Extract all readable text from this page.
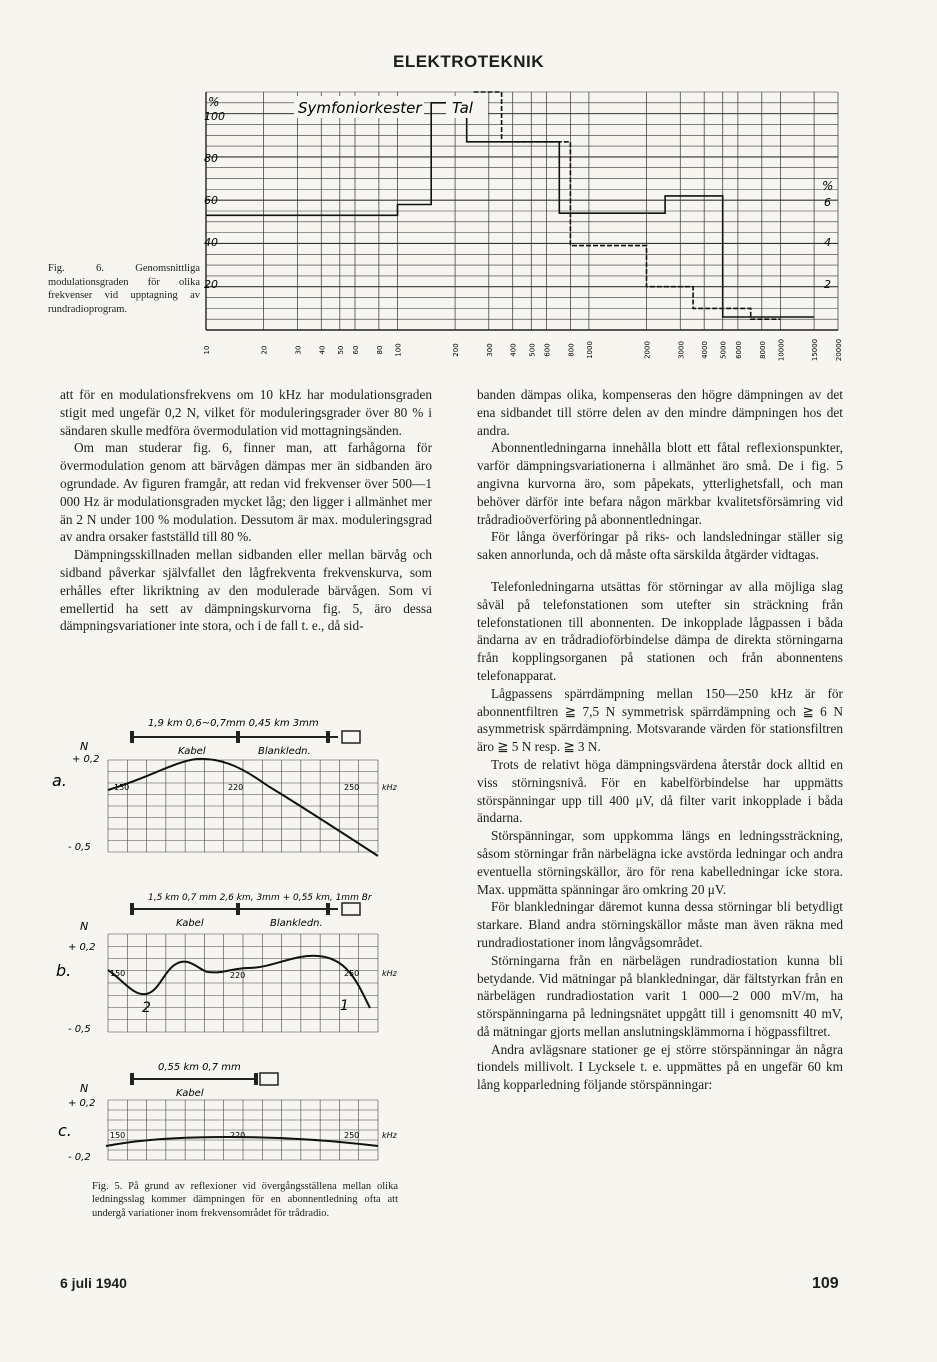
ELEKTROTEKNIK
10	20	30 40 50 60 80 100	200	300 400 500 600 800 1000	2000	3000 4000 5000 6000 8000 10000	15000 20000
%
100
80
60
40
20
%
6
4
2
Symfoniorkester Tal
Fig. 6. Genomsnittliga modulationsgraden för olika frekvenser vid upptagning av rundradioprogram.

att för en modulationsfrekvens om 10 kHz har modulationsgraden stigit med ungefär 0,2 N, vilket för moduleringsgrader över 80 % i sändaren skulle medföra övermodulation vid mottagningsänden.

Om man studerar fig. 6, finner man, att farhågorna för övermodulation genom att bärvågen dämpas mer än sidbanden äro ogrundade. Av figuren framgår, att redan vid frekvenser över 500—1 000 Hz är modulationsgraden mycket låg; den ligger i allmänhet mer än 2 N under 100 % modulation. Dessutom är max. moduleringsgrad av andra orsaker fastställd till 80 %.

Dämpningsskillnaden mellan sidbanden eller mellan bärvåg och sidband påverkar självfallet den lågfrekventa frekvenskurva, som erhålles efter likriktning av den modulerade bärvågen. Som vi emellertid ha sett av dämpningskurvorna fig. 5, äro dessa dämpningsvariationer inte stora, och i de fall t. e., då sid-

banden dämpas olika, kompenseras den högre dämpningen av det ena sidbandet till större delen av den mindre dämpningen hos det andra.

Abonnentledningarna innehålla blott ett fåtal reflexionspunkter, varför dämpningsvariationerna i allmänhet äro små. De i fig. 5 angivna kurvorna äro, som påpekats, ytterlighetsfall, och man behöver därför inte befara någon märkbar kvalitetsförsämring vid trådradioöverföring på abonnentledningar.

För långa överföringar på riks- och landsledningar ställer sig saken annorlunda, och då måste ofta särskilda åtgärder vidtagas.

Telefonledningarna utsättas för störningar av alla möjliga slag såväl på telefonstationen som utefter sin sträckning från telefonstationen till abonnenten. De inkopplade lågpassen i båda ändarna av en trådradioförbindelse dämpa de direkta störningarna från kopplingsorganen på stationen och från abonnentens telefonapparat.

Lågpassens spärrdämpning mellan 150—250 kHz är för abonnentfiltren ≧ 7,5 N symmetrisk spärrdämpning och ≧ 6 N asymmetrisk spärrdämpning. Motsvarande värden för stationsfiltren äro ≧ 5 N resp. ≧ 3 N.

Trots de relativt höga dämpningsvärdena återstår dock alltid en viss störningsnivå. För en kabelförbindelse har uppmätts störspänningar upp till 400 μV, då filter varit inkopplade i båda ändarna.

Störspänningar, som uppkomma längs en ledningssträckning, såsom störningar från närbelägna icke avstörda ledningar och andra eventuella störningskällor, äro för rena kabelledningar icke stora. Max. uppmätta spänningar äro omkring 20 μV.

För blankledningar däremot kunna dessa störningar bli betydligt starkare. Bland andra störningskällor måste man även räkna med rundradiostationer inom långvågsområdet.

Störningarna från en närbelägen rundradiostation kunna bli betydande. Vid mätningar på blankledningar, där fältstyrkan från en närbelägen rundradiostation varit 1 000—2 000 mV/m, ha störspänningarna på ledningsnätet uppgått till i genomsnitt 40 mV, då mätningar gjorts mellan anslutningsklämmorna i högpassfiltret.

Andra avlägsnare stationer ge ej större störspänningar än några tiondels millivolt. I Lycksele t. e. uppmättes på en ungefär 60 km lång kopparledning följande störspänningar:

1,9 km 0,6~0,7mm 0,45 km 3mm
Kabel	Blankledn.
N
+ 0,2
a.
- 0,5
150	220	250	kHz
1,5 km 0,7 mm 2,6 km, 3mm + 0,55 km, 1mm Br
Kabel	Blankledn.
N
+ 0,2
b.
- 0,5
150	220	250	kHz
2	1
0,55 km 0,7 mm
Kabel
N
+ 0,2
c.
- 0,2
150	220	250	kHz
Fig. 5. På grund av reflexioner vid övergångsställena mellan olika ledningsslag kommer dämpningen för en abonnentledning ofta att undergå variationer inom frekvensområdet för trådradio.
6 juli 1940	109
